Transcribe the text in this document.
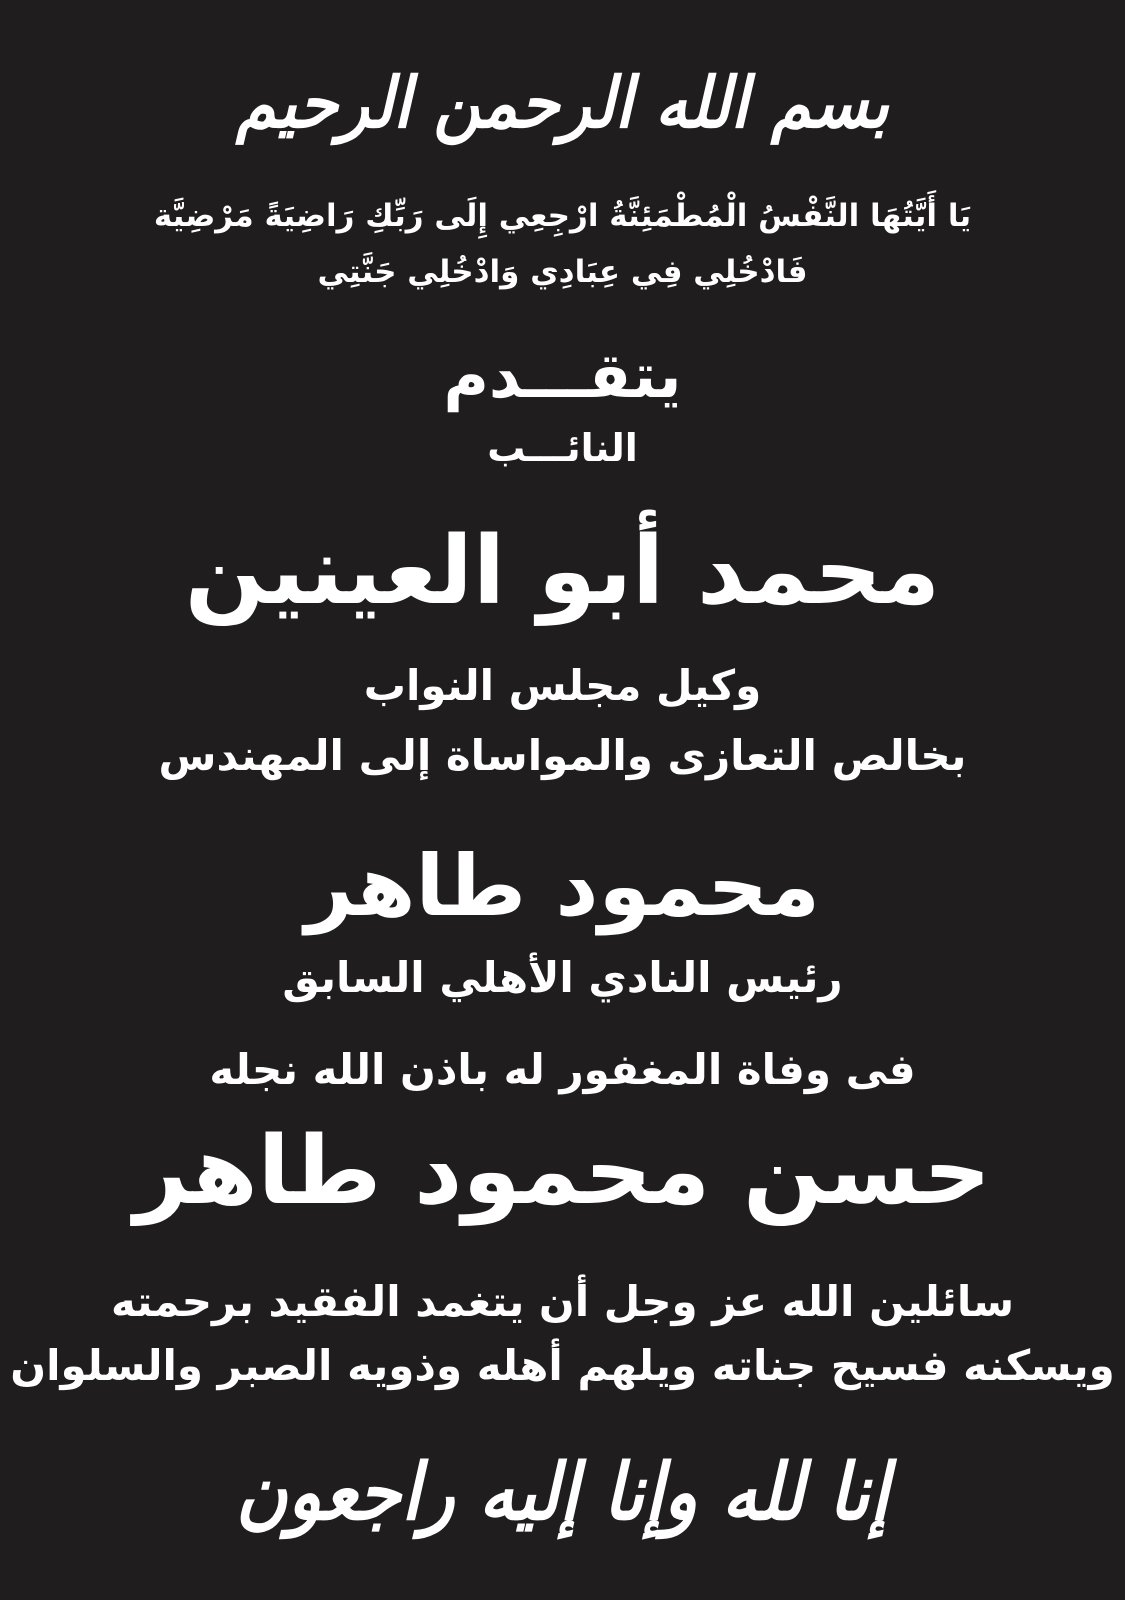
بسم الله الرحمن الرحيم
يَا أَيَّتُهَا النَّفْسُ الْمُطْمَئِنَّةُ ارْجِعِي إِلَى رَبِّكِ رَاضِيَةً مَرْضِيَّة
فَادْخُلِي فِي عِبَادِي وَادْخُلِي جَنَّتِي
يتقـــدم
النائـــب
محمد أبو العينين
وكيل مجلس النواب
بخالص التعازى والمواساة إلى المهندس
محمود طاهر
رئيس النادي الأهلي السابق
فى وفاة المغفور له باذن الله نجله
حسن محمود طاهر
سائلين الله عز وجل أن يتغمد الفقيد برحمته
ويسكنه فسيح جناته ويلهم أهله وذويه الصبر والسلوان
إنا لله وإنا إليه راجعون
